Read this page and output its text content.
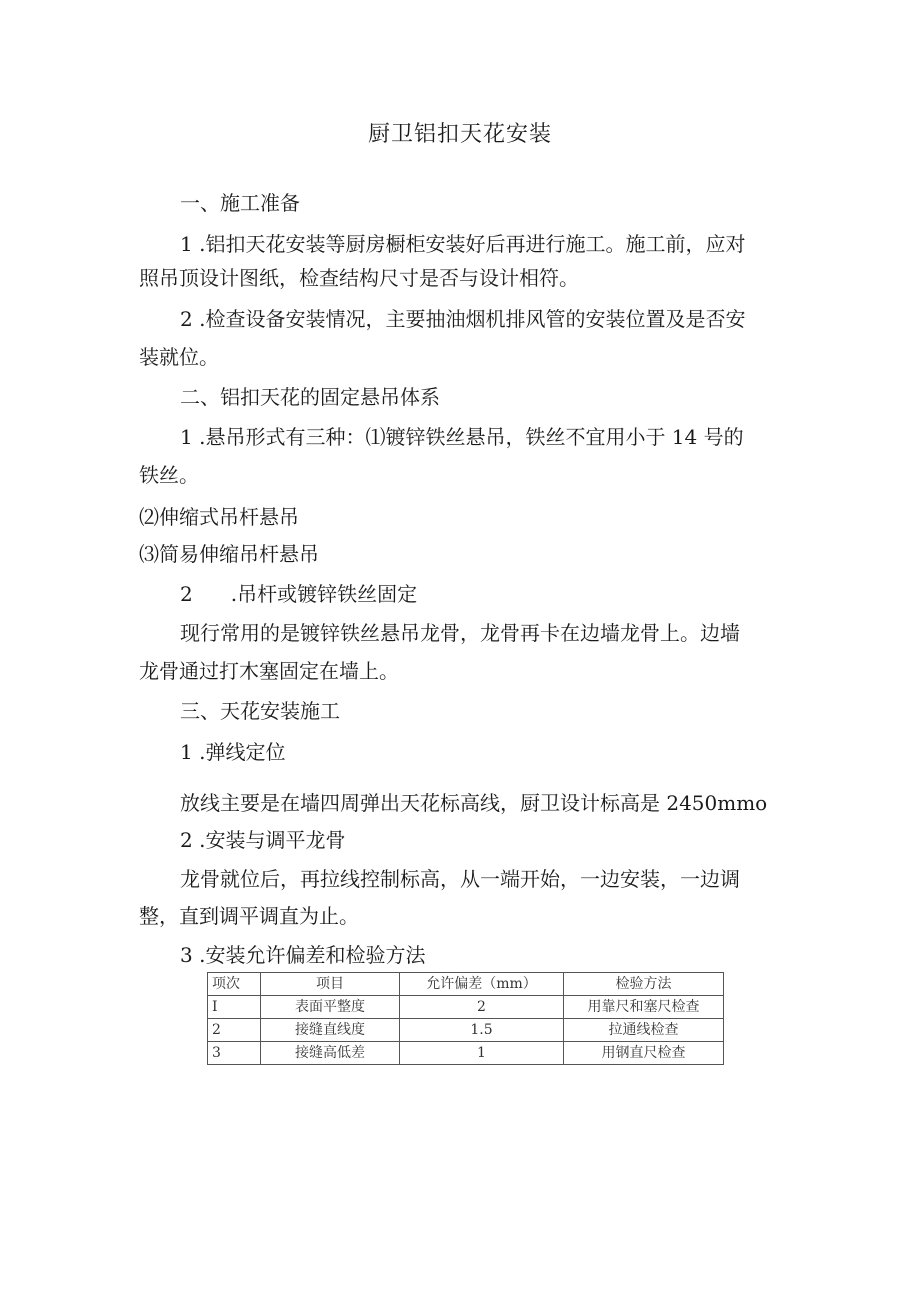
厨卫铝扣天花安装
一、施工准备
1 .铝扣天花安装等厨房橱柜安装好后再进行施工。施工前，应对
照吊顶设计图纸，检查结构尺寸是否与设计相符。
2 .检查设备安装情况，主要抽油烟机排风管的安装位置及是否安
装就位。
二、铝扣天花的固定悬吊体系
1 .悬吊形式有三种：⑴镀锌铁丝悬吊，铁丝不宜用小于 14 号的
铁丝。
⑵伸缩式吊杆悬吊
⑶简易伸缩吊杆悬吊
2 .吊杆或镀锌铁丝固定
现行常用的是镀锌铁丝悬吊龙骨，龙骨再卡在边墙龙骨上。边墙
龙骨通过打木塞固定在墙上。
三、天花安装施工
1 .弹线定位
放线主要是在墙四周弹出天花标高线，厨卫设计标高是 2450mmo
2 .安装与调平龙骨
龙骨就位后，再拉线控制标高，从一端开始，一边安装，一边调
整，直到调平调直为止。
3 .安装允许偏差和检验方法
项次	项目	允许偏差（mm）	检验方法
I	表面平整度	2	用靠尺和塞尺检查
2	接缝直线度	1.5	拉通线检查
3	接缝高低差	1	用钢直尺检查
